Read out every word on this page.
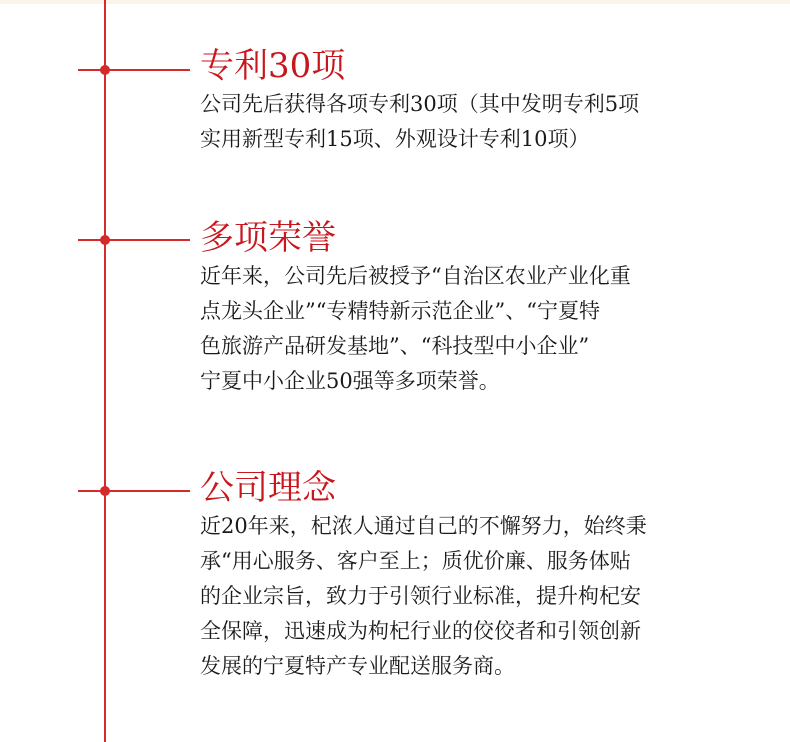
专利30项
公司先后获得各项专利30项（其中发明专利5项
实用新型专利15项、外观设计专利10项）
多项荣誉
近年来，公司先后被授予“自治区农业产业化重
点龙头企业”“专精特新示范企业”、“宁夏特
色旅游产品研发基地”、“科技型中小企业”
宁夏中小企业50强等多项荣誉。
公司理念
近20年来，杞浓人通过自己的不懈努力，始终秉
承“用心服务、客户至上；质优价廉、服务体贴
的企业宗旨，致力于引领行业标准，提升枸杞安
全保障，迅速成为枸杞行业的佼佼者和引领创新
发展的宁夏特产专业配送服务商。
